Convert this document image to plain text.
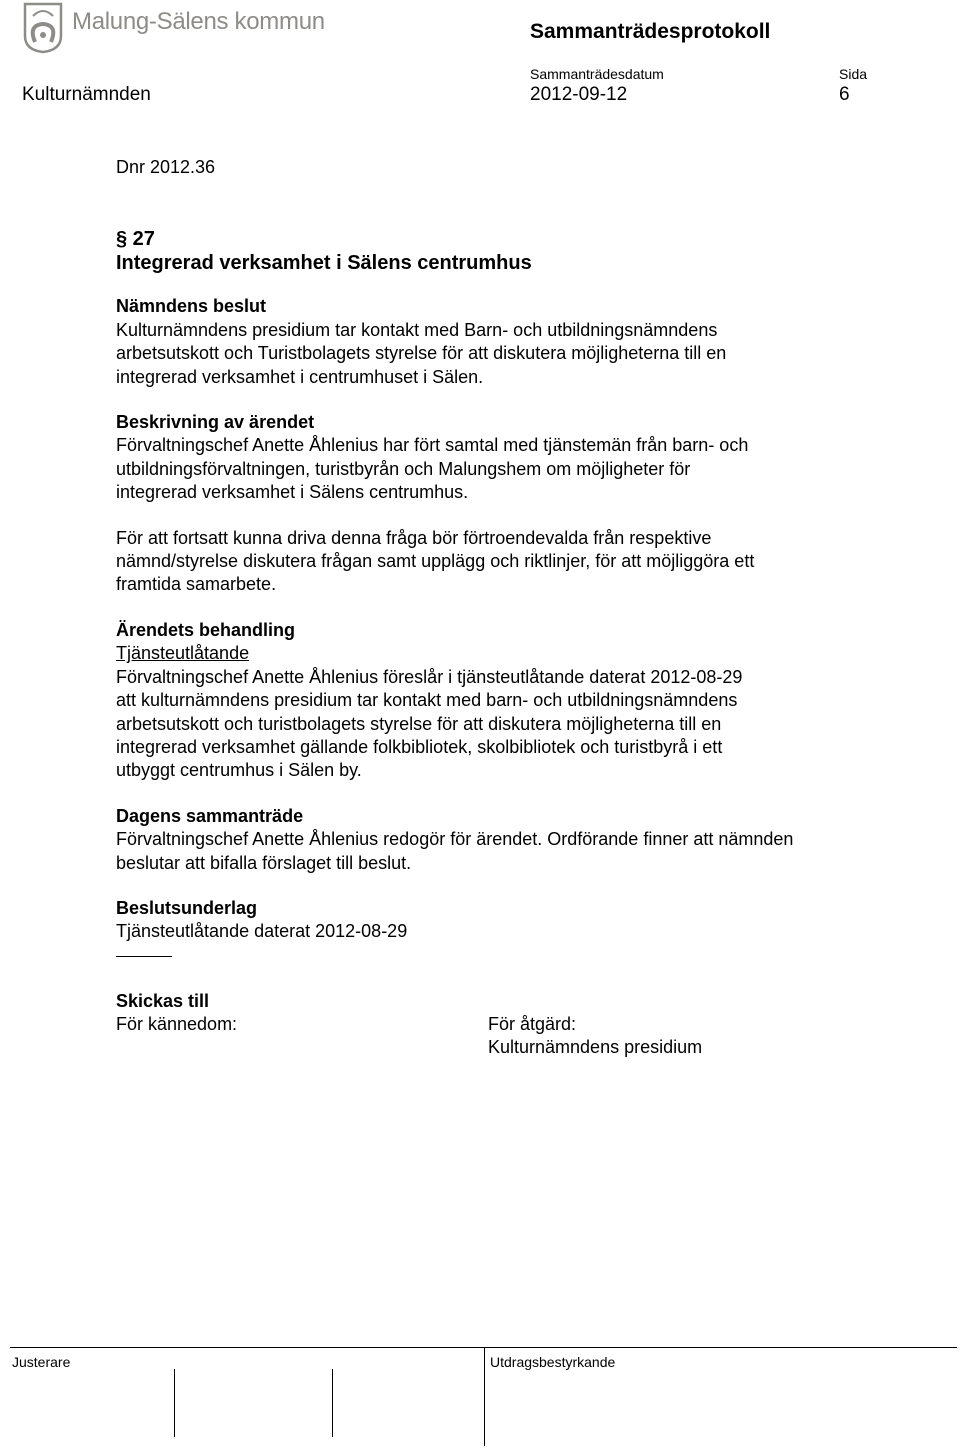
Malung-Sälens kommun	Sammanträdesprotokoll
Sammanträdesdatum	Sida
Kulturnämnden	2012-09-12	6

Dnr 2012.36

§ 27

Integrerad verksamhet i Sälens centrumhus

Nämndens beslut

Kulturnämndens presidium tar kontakt med Barn- och utbildningsnämndens

arbetsutskott och Turistbolagets styrelse för att diskutera möjligheterna till en

integrerad verksamhet i centrumhuset i Sälen.

Beskrivning av ärendet

Förvaltningschef Anette Åhlenius har fört samtal med tjänstemän från barn- och

utbildningsförvaltningen, turistbyrån och Malungshem om möjligheter för

integrerad verksamhet i Sälens centrumhus.

För att fortsatt kunna driva denna fråga bör förtroendevalda från respektive

nämnd/styrelse diskutera frågan samt upplägg och riktlinjer, för att möjliggöra ett

framtida samarbete.

Ärendets behandling

Tjänsteutlåtande

Förvaltningschef Anette Åhlenius föreslår i tjänsteutlåtande daterat 2012-08-29

att kulturnämndens presidium tar kontakt med barn- och utbildningsnämndens

arbetsutskott och turistbolagets styrelse för att diskutera möjligheterna till en

integrerad verksamhet gällande folkbibliotek, skolbibliotek och turistbyrå i ett

utbyggt centrumhus i Sälen by.

Dagens sammanträde

Förvaltningschef Anette Åhlenius redogör för ärendet. Ordförande finner att nämnden

beslutar att bifalla förslaget till beslut.

Beslutsunderlag

Tjänsteutlåtande daterat 2012-08-29

Skickas till

För kännedom:	För åtgärd:
Kulturnämndens presidium
Justerare	Utdragsbestyrkande
